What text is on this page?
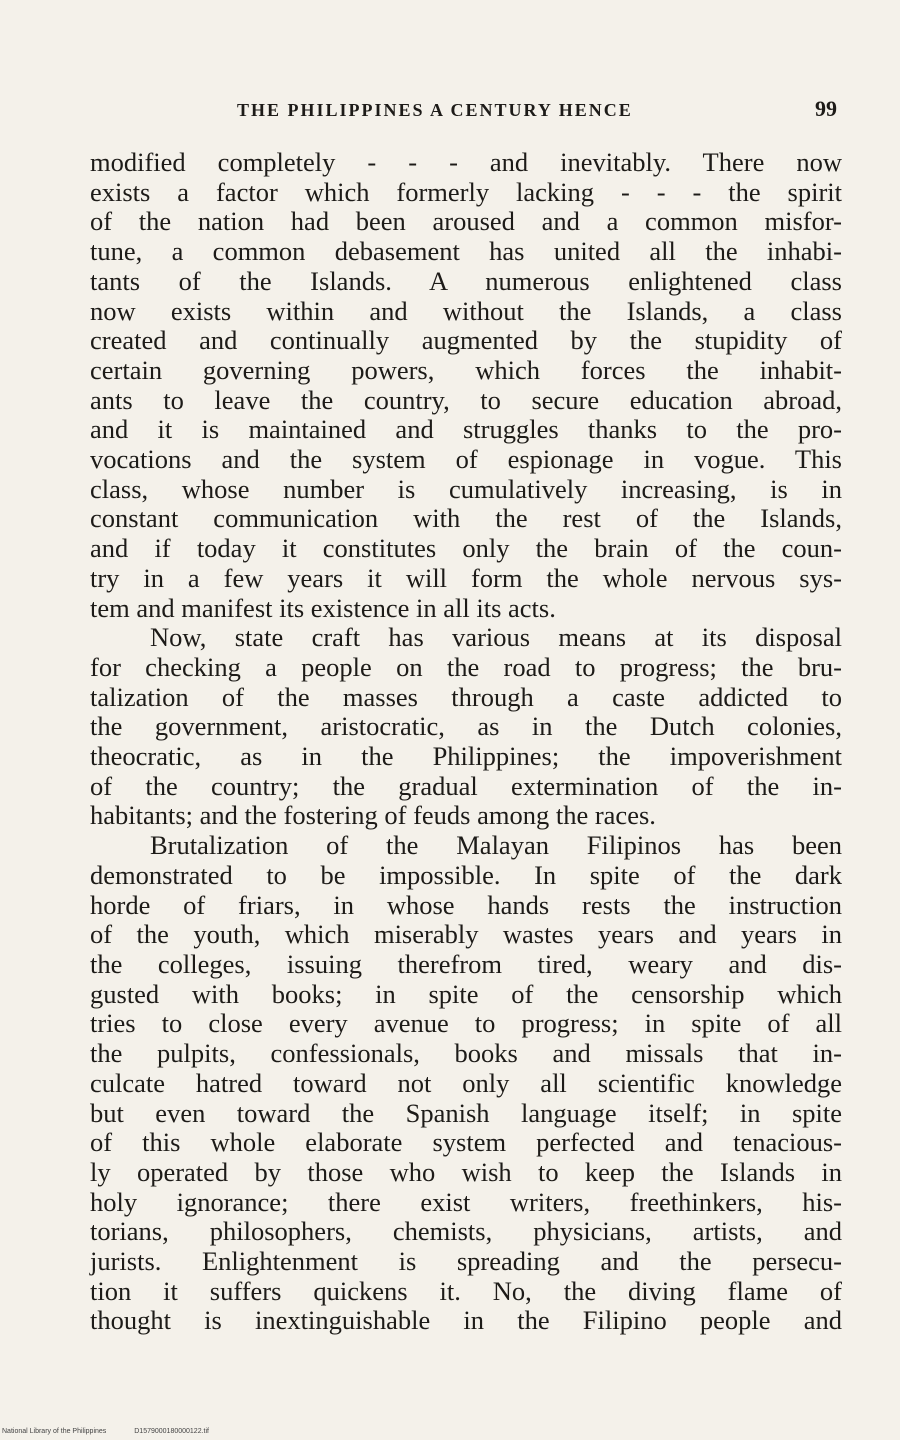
THE PHILIPPINES A CENTURY HENCE	99
modified completely - - - and inevitably. There now
exists a factor which formerly lacking - - - the spirit
of the nation had been aroused and a common misfor-
tune, a common debasement has united all the inhabi-
tants of the Islands. A numerous enlightened class
now exists within and without the Islands, a class
created and continually augmented by the stupidity of
certain governing powers, which forces the inhabit-
ants to leave the country, to secure education abroad,
and it is maintained and struggles thanks to the pro-
vocations and the system of espionage in vogue. This
class, whose number is cumulatively increasing, is in
constant communication with the rest of the Islands,
and if today it constitutes only the brain of the coun-
try in a few years it will form the whole nervous sys-
tem and manifest its existence in all its acts.
Now, state craft has various means at its disposal
for checking a people on the road to progress; the bru-
talization of the masses through a caste addicted to
the government, aristocratic, as in the Dutch colonies,
theocratic, as in the Philippines; the impoverishment
of the country; the gradual extermination of the in-
habitants; and the fostering of feuds among the races.
Brutalization of the Malayan Filipinos has been
demonstrated to be impossible. In spite of the dark
horde of friars, in whose hands rests the instruction
of the youth, which miserably wastes years and years in
the colleges, issuing therefrom tired, weary and dis-
gusted with books; in spite of the censorship which
tries to close every avenue to progress; in spite of all
the pulpits, confessionals, books and missals that in-
culcate hatred toward not only all scientific knowledge
but even toward the Spanish language itself; in spite
of this whole elaborate system perfected and tenacious-
ly operated by those who wish to keep the Islands in
holy ignorance; there exist writers, freethinkers, his-
torians, philosophers, chemists, physicians, artists, and
jurists. Enlightenment is spreading and the persecu-
tion it suffers quickens it. No, the diving flame of
thought is inextinguishable in the Filipino people and
National Library of the Philippines	D1579000180000122.tif
